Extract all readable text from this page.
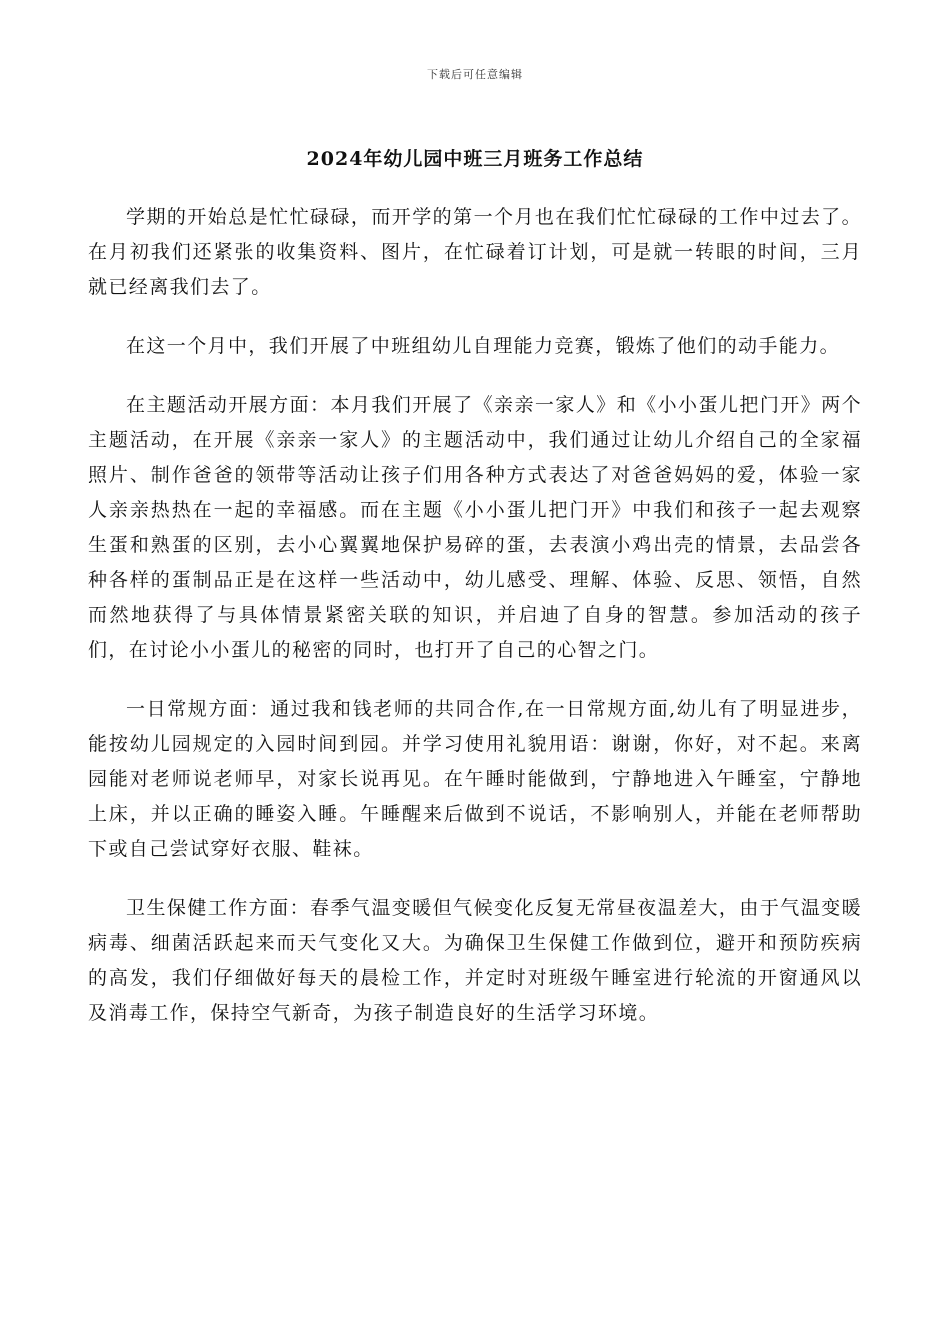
下载后可任意编辑
2024年幼儿园中班三月班务工作总结

学期的开始总是忙忙碌碌，而开学的第一个月也在我们忙忙碌碌的工作中过去了。在月初我们还紧张的收集资料、图片，在忙碌着订计划，可是就一转眼的时间，三月就已经离我们去了。

在这一个月中，我们开展了中班组幼儿自理能力竞赛，锻炼了他们的动手能力。

在主题活动开展方面：本月我们开展了《亲亲一家人》和《小小蛋儿把门开》两个主题活动，在开展《亲亲一家人》的主题活动中，我们通过让幼儿介绍自己的全家福照片、制作爸爸的领带等活动让孩子们用各种方式表达了对爸爸妈妈的爱，体验一家人亲亲热热在一起的幸福感。而在主题《小小蛋儿把门开》中我们和孩子一起去观察生蛋和熟蛋的区别，去小心翼翼地保护易碎的蛋，去表演小鸡出壳的情景，去品尝各种各样的蛋制品正是在这样一些活动中，幼儿感受、理解、体验、反思、领悟，自然而然地获得了与具体情景紧密关联的知识，并启迪了自身的智慧。参加活动的孩子们，在讨论小小蛋儿的秘密的同时，也打开了自己的心智之门。

一日常规方面：通过我和钱老师的共同合作,在一日常规方面,幼儿有了明显进步，能按幼儿园规定的入园时间到园。并学习使用礼貌用语：谢谢，你好，对不起。来离园能对老师说老师早，对家长说再见。在午睡时能做到，宁静地进入午睡室，宁静地上床，并以正确的睡姿入睡。午睡醒来后做到不说话，不影响别人，并能在老师帮助下或自己尝试穿好衣服、鞋袜。

卫生保健工作方面：春季气温变暖但气候变化反复无常昼夜温差大，由于气温变暖病毒、细菌活跃起来而天气变化又大。为确保卫生保健工作做到位，避开和预防疾病的高发，我们仔细做好每天的晨检工作，并定时对班级午睡室进行轮流的开窗通风以及消毒工作，保持空气新奇，为孩子制造良好的生活学习环境。
